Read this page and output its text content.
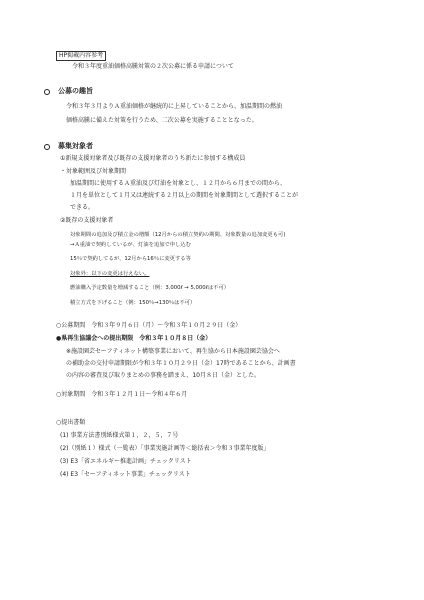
HP掲載内容参考
令和３年度重油価格高騰対策の２次公募に係る申請について
公募の趣旨
令和３年３月よりＡ重油価格が継続的に上昇していることから、加温期間の燃油
価格高騰に備えた対策を行うため、二次公募を実施することとなった。
募集対象者
①新規支援対象者及び既存の支援対象者のうち新たに参加する構成員
・対象範囲及び対象期間
加温期間に使用するＡ重油及び灯油を対象とし、１２月から６月までの間から、
１月を単位として１月又は連続する２月以上の期間を対象期間として選択することが
できる。
②既存の支援対象者
対象期間の追加及び積立金の増額（12月からの積立契約の期間、対象数量の追加変更も可)
→Ａ重油で契約しているが、灯油を追加で申し込む
15％で契約してるが、12月から16％に変更する等
対象外：以下の変更は行えない。
燃油購入予定数量を増減すること（例：3,000ℓ → 5,000ℓは不可）
積立方式を下げること（例：150％→130％は不可）
○公募期間　令和３年９月６日（月）〜令和３年１０月２９日（金）
●県再生協議会への提出期限　令和３年１０月８日（金）
※施設園芸セーフティネット構築事業において、再生協から日本施設園芸協会へ
の補助金の交付申請期限が令和３年１０月２９日（金）17時であることから、計画書
の内容の審査及び取りまとめの事務を踏まえ、10月８日（金）とした。
○対象期間　令和３年１２月１日〜令和４年６月
○提出書類
(1) 事業方法書別紙様式第１，２，５，７号
(2)（別紙１）様式（一覧表）「事業実施計画等＜総括表＞令和３事業年度版」
(3) E3「省エネルギー推進計画」チェックリスト
(4) E3「セーフティネット事業」チェックリスト
